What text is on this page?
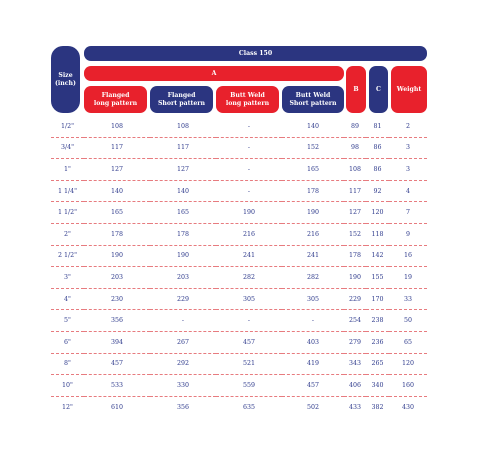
Size
(inch)
Class 150
A
B	C	Weight
Flanged
long pattern
Flanged
Short pattern
Butt Weld
long pattern
Butt Weld
Short pattern
1/2"	108	108	-	140	89	81	2
3/4"	117	117	-	152	98	86	3
1"	127	127	-	165	108	86	3
1 1/4"	140	140	-	178	117	92	4
1 1/2"	165	165	190	190	127	120	7
2"	178	178	216	216	152	118	9
2 1/2"	190	190	241	241	178	142	16
3"	203	203	282	282	190	155	19
4"	230	229	305	305	229	170	33
5"	356	-	-	-	254	238	50
6"	394	267	457	403	279	236	65
8"	457	292	521	419	343	265	120
10"	533	330	559	457	406	340	160
12"	610	356	635	502	433	382	430
